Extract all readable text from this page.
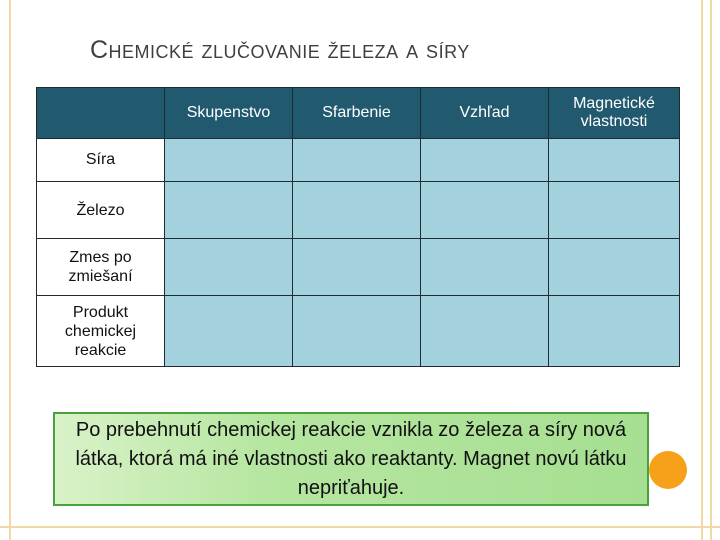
Chemické zlučovanie železa a síry

	Skupenstvo	Sfarbenie	Vzhľad	Magnetické vlastnosti

Síra				

Železo				

Zmes po zmiešaní				

Produkt chemickej reakcie				

Po prebehnutí chemickej reakcie vznikla zo železa a síry nová látka, ktorá má iné vlastnosti ako reaktanty. Magnet novú látku nepriťahuje.
